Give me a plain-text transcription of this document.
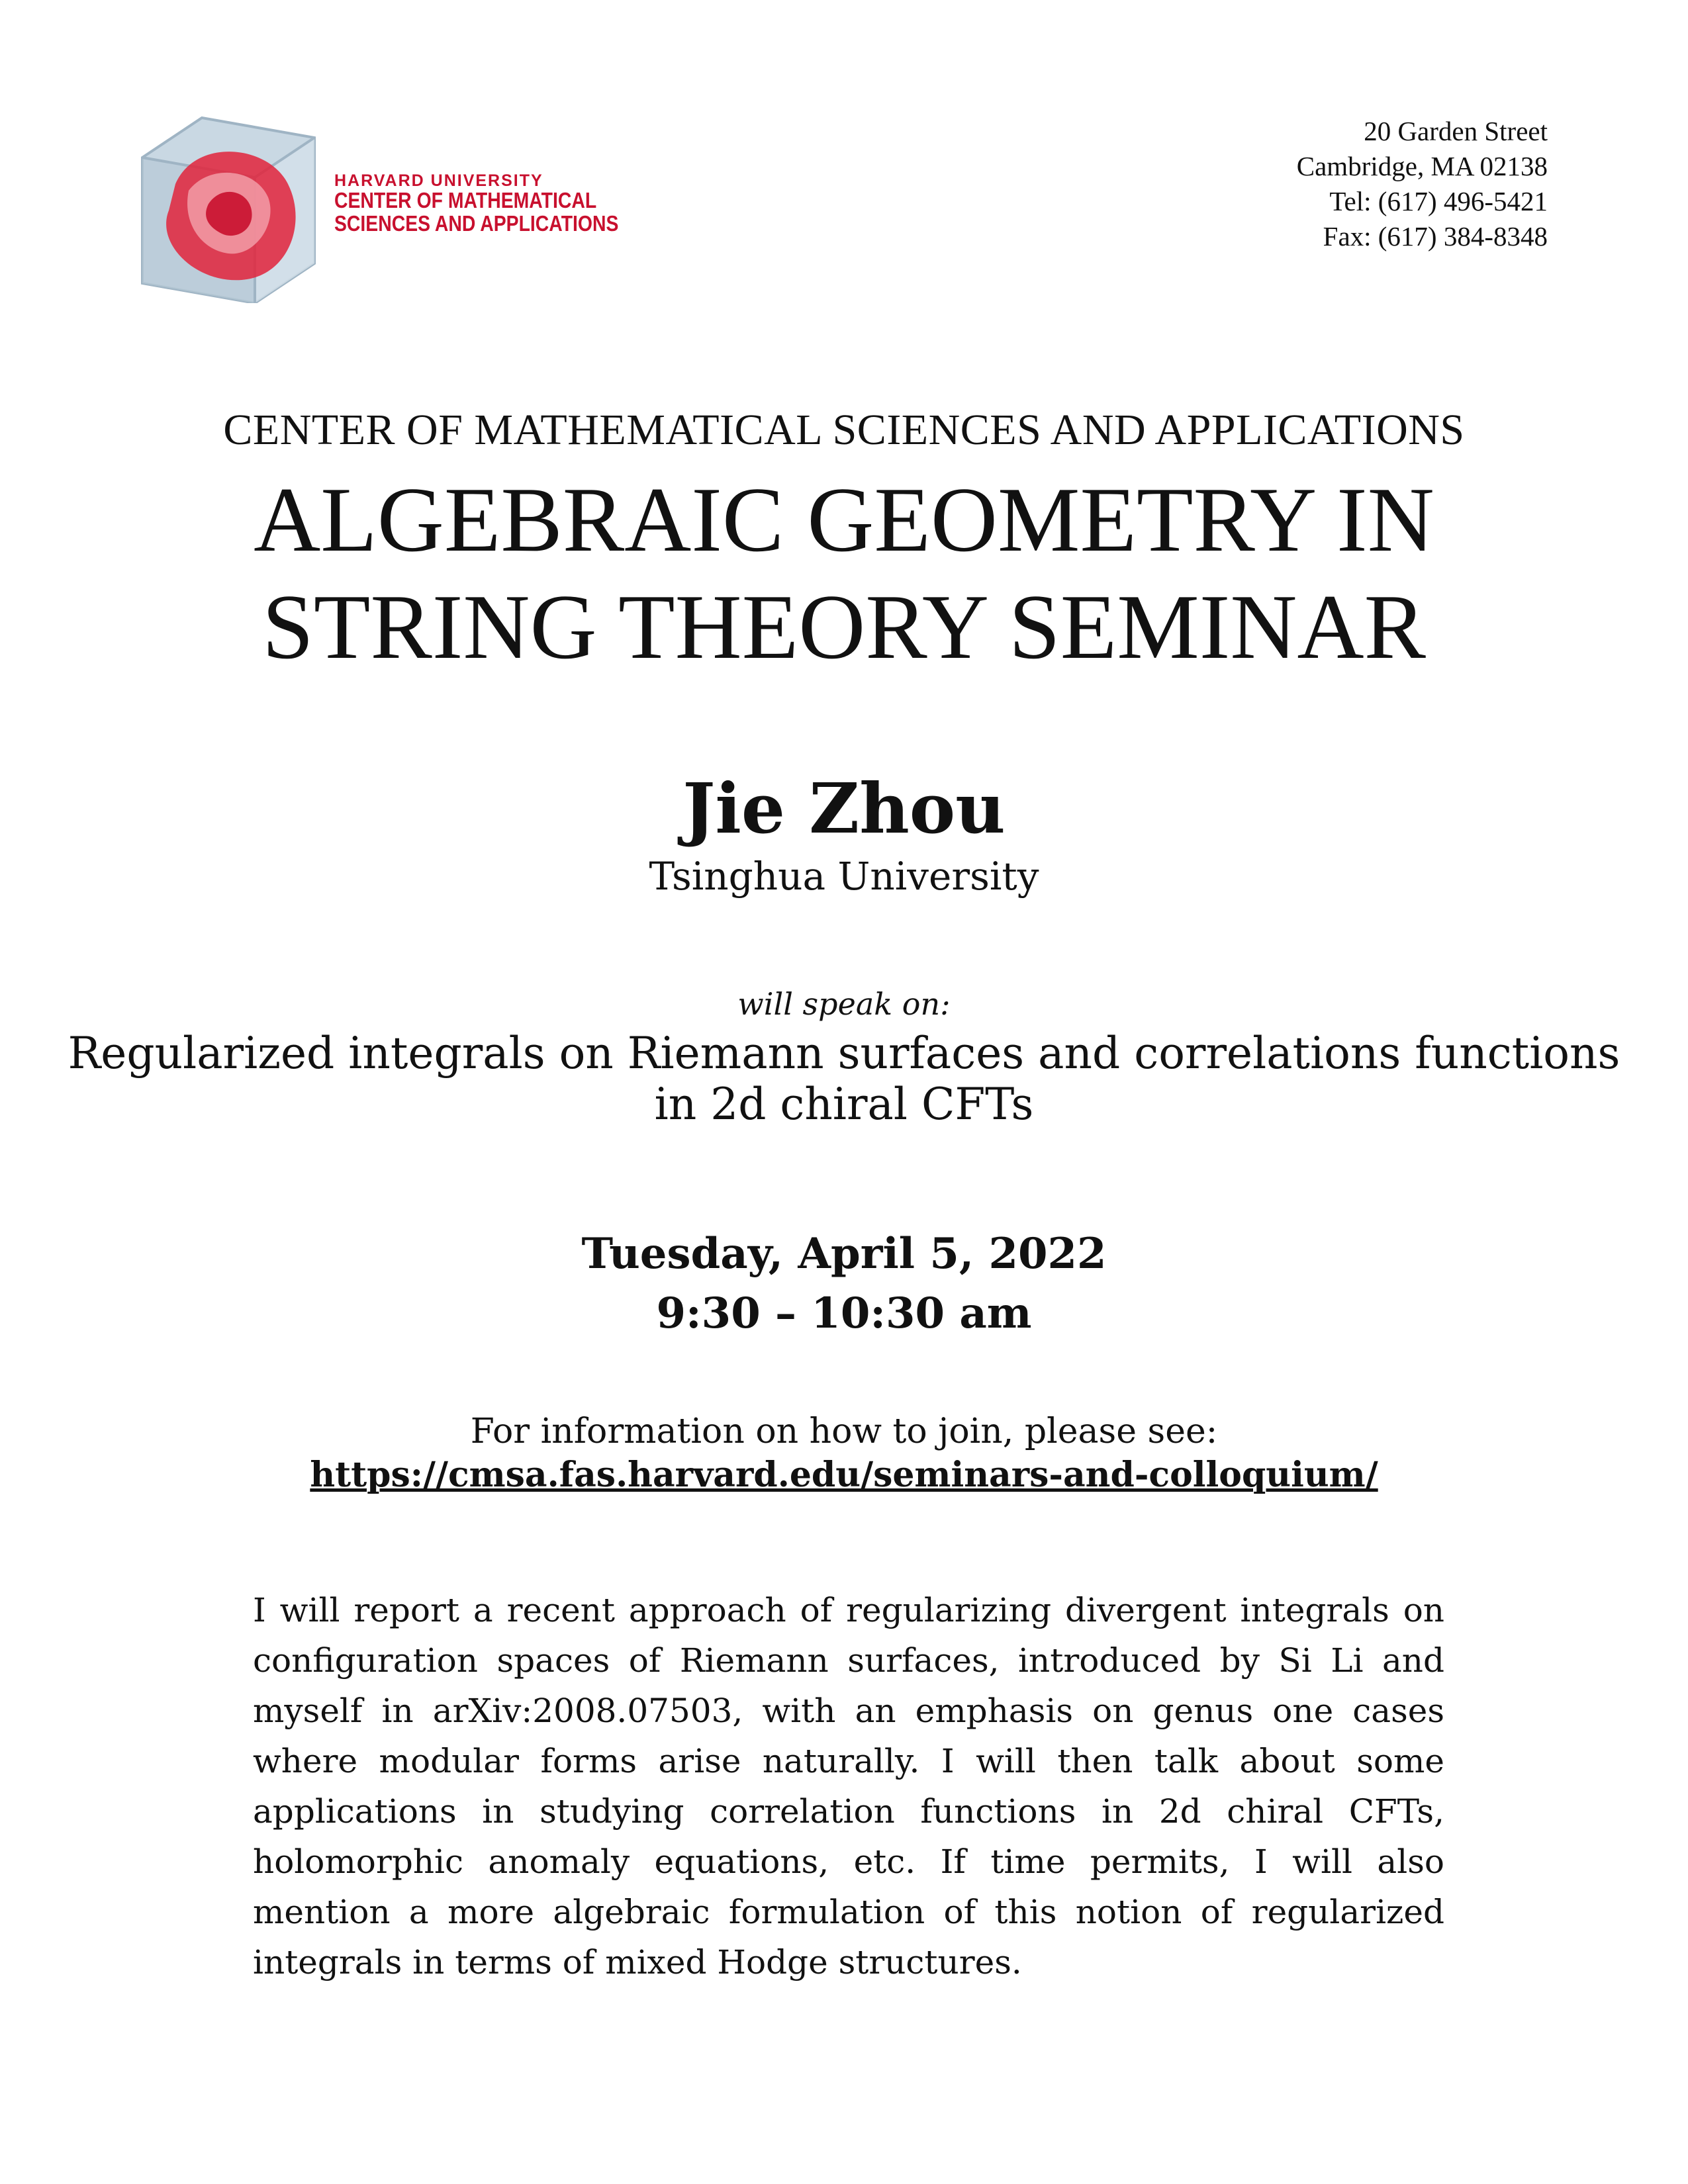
HARVARD UNIVERSITY
CENTER OF MATHEMATICAL
SCIENCES AND APPLICATIONS
20 Garden Street
Cambridge, MA 02138
Tel: (617) 496-5421
Fax: (617) 384-8348
CENTER OF MATHEMATICAL SCIENCES AND APPLICATIONS
ALGEBRAIC GEOMETRY IN
STRING THEORY SEMINAR
Jie Zhou
Tsinghua University
will speak on:
Regularized integrals on Riemann surfaces and correlations functions
in 2d chiral CFTs
Tuesday, April 5, 2022
9:30 – 10:30 am
For information on how to join, please see:
https://cmsa.fas.harvard.edu/seminars-and-colloquium/
I will report a recent approach of regularizing divergent integrals on configuration spaces of Riemann surfaces, introduced by Si Li and myself in arXiv:2008.07503, with an emphasis on genus one cases where modular forms arise naturally. I will then talk about some applications in studying correlation functions in 2d chiral CFTs, holomorphic anomaly equations, etc. If time permits, I will also mention a more algebraic formulation of this notion of regularized integrals in terms of mixed Hodge structures.
